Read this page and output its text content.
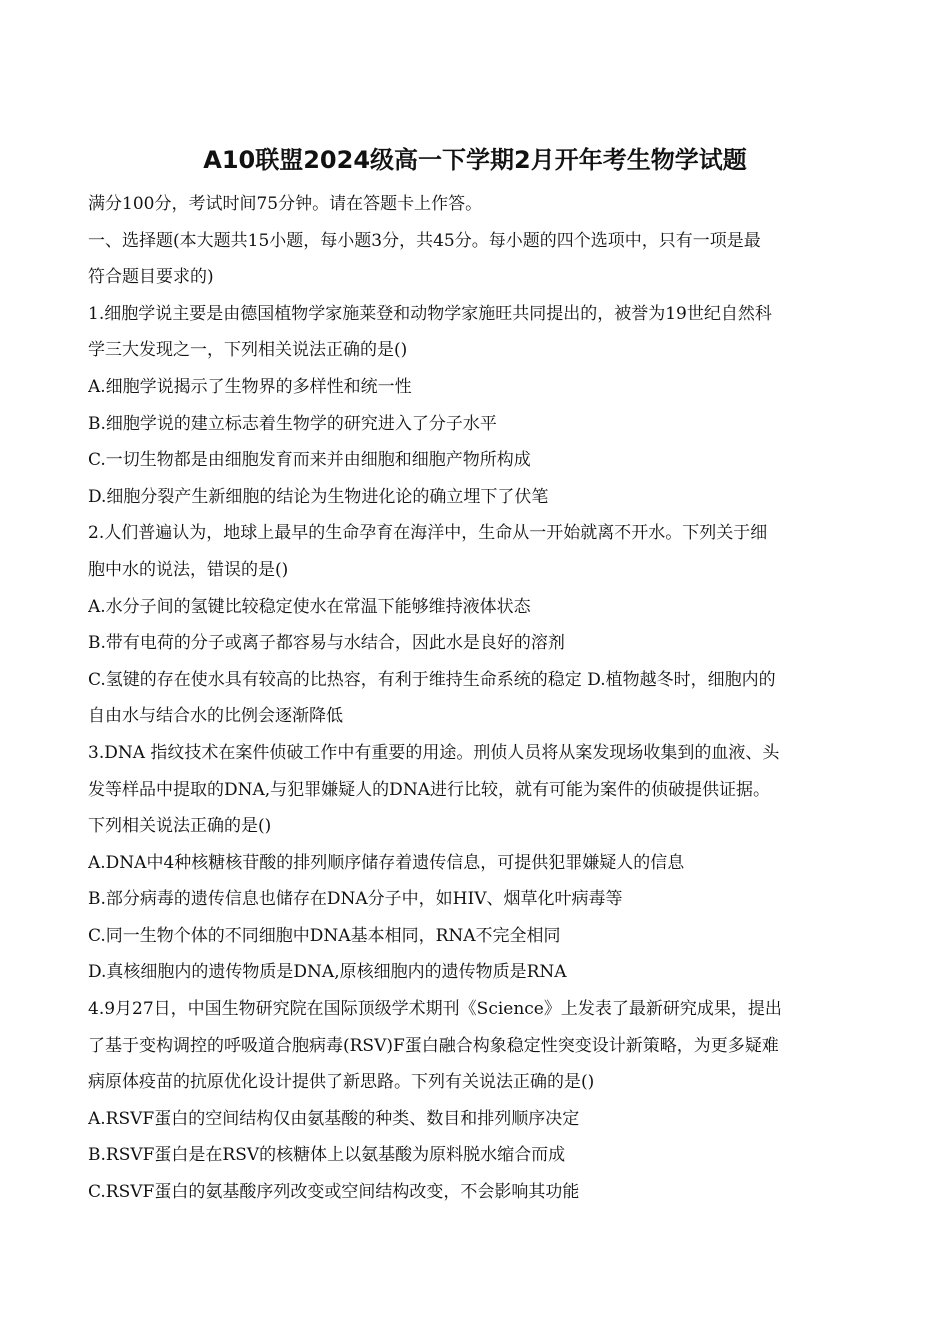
A10联盟2024级高一下学期2月开年考生物学试题
满分100分，考试时间75分钟。请在答题卡上作答。
一、选择题(本大题共15小题，每小题3分，共45分。每小题的四个选项中，只有一项是最
符合题目要求的)
1.细胞学说主要是由德国植物学家施莱登和动物学家施旺共同提出的，被誉为19世纪自然科
学三大发现之一，下列相关说法正确的是()
A.细胞学说揭示了生物界的多样性和统一性
B.细胞学说的建立标志着生物学的研究进入了分子水平
C.一切生物都是由细胞发育而来并由细胞和细胞产物所构成
D.细胞分裂产生新细胞的结论为生物进化论的确立埋下了伏笔
2.人们普遍认为，地球上最早的生命孕育在海洋中，生命从一开始就离不开水。下列关于细
胞中水的说法，错误的是()
A.水分子间的氢键比较稳定使水在常温下能够维持液体状态
B.带有电荷的分子或离子都容易与水结合，因此水是良好的溶剂
C.氢键的存在使水具有较高的比热容，有利于维持生命系统的稳定 D.植物越冬时，细胞内的
自由水与结合水的比例会逐渐降低
3.DNA 指纹技术在案件侦破工作中有重要的用途。刑侦人员将从案发现场收集到的血液、头
发等样品中提取的DNA,与犯罪嫌疑人的DNA进行比较，就有可能为案件的侦破提供证据。
下列相关说法正确的是()
A.DNA中4种核糖核苷酸的排列顺序储存着遗传信息，可提供犯罪嫌疑人的信息
B.部分病毒的遗传信息也储存在DNA分子中，如HIV、烟草化叶病毒等
C.同一生物个体的不同细胞中DNA基本相同，RNA不完全相同
D.真核细胞内的遗传物质是DNA,原核细胞内的遗传物质是RNA
4.9月27日，中国生物研究院在国际顶级学术期刊《Science》上发表了最新研究成果，提出
了基于变构调控的呼吸道合胞病毒(RSV)F蛋白融合构象稳定性突变设计新策略，为更多疑难
病原体疫苗的抗原优化设计提供了新思路。下列有关说法正确的是()
A.RSVF蛋白的空间结构仅由氨基酸的种类、数目和排列顺序决定
B.RSVF蛋白是在RSV的核糖体上以氨基酸为原料脱水缩合而成
C.RSVF蛋白的氨基酸序列改变或空间结构改变，不会影响其功能
